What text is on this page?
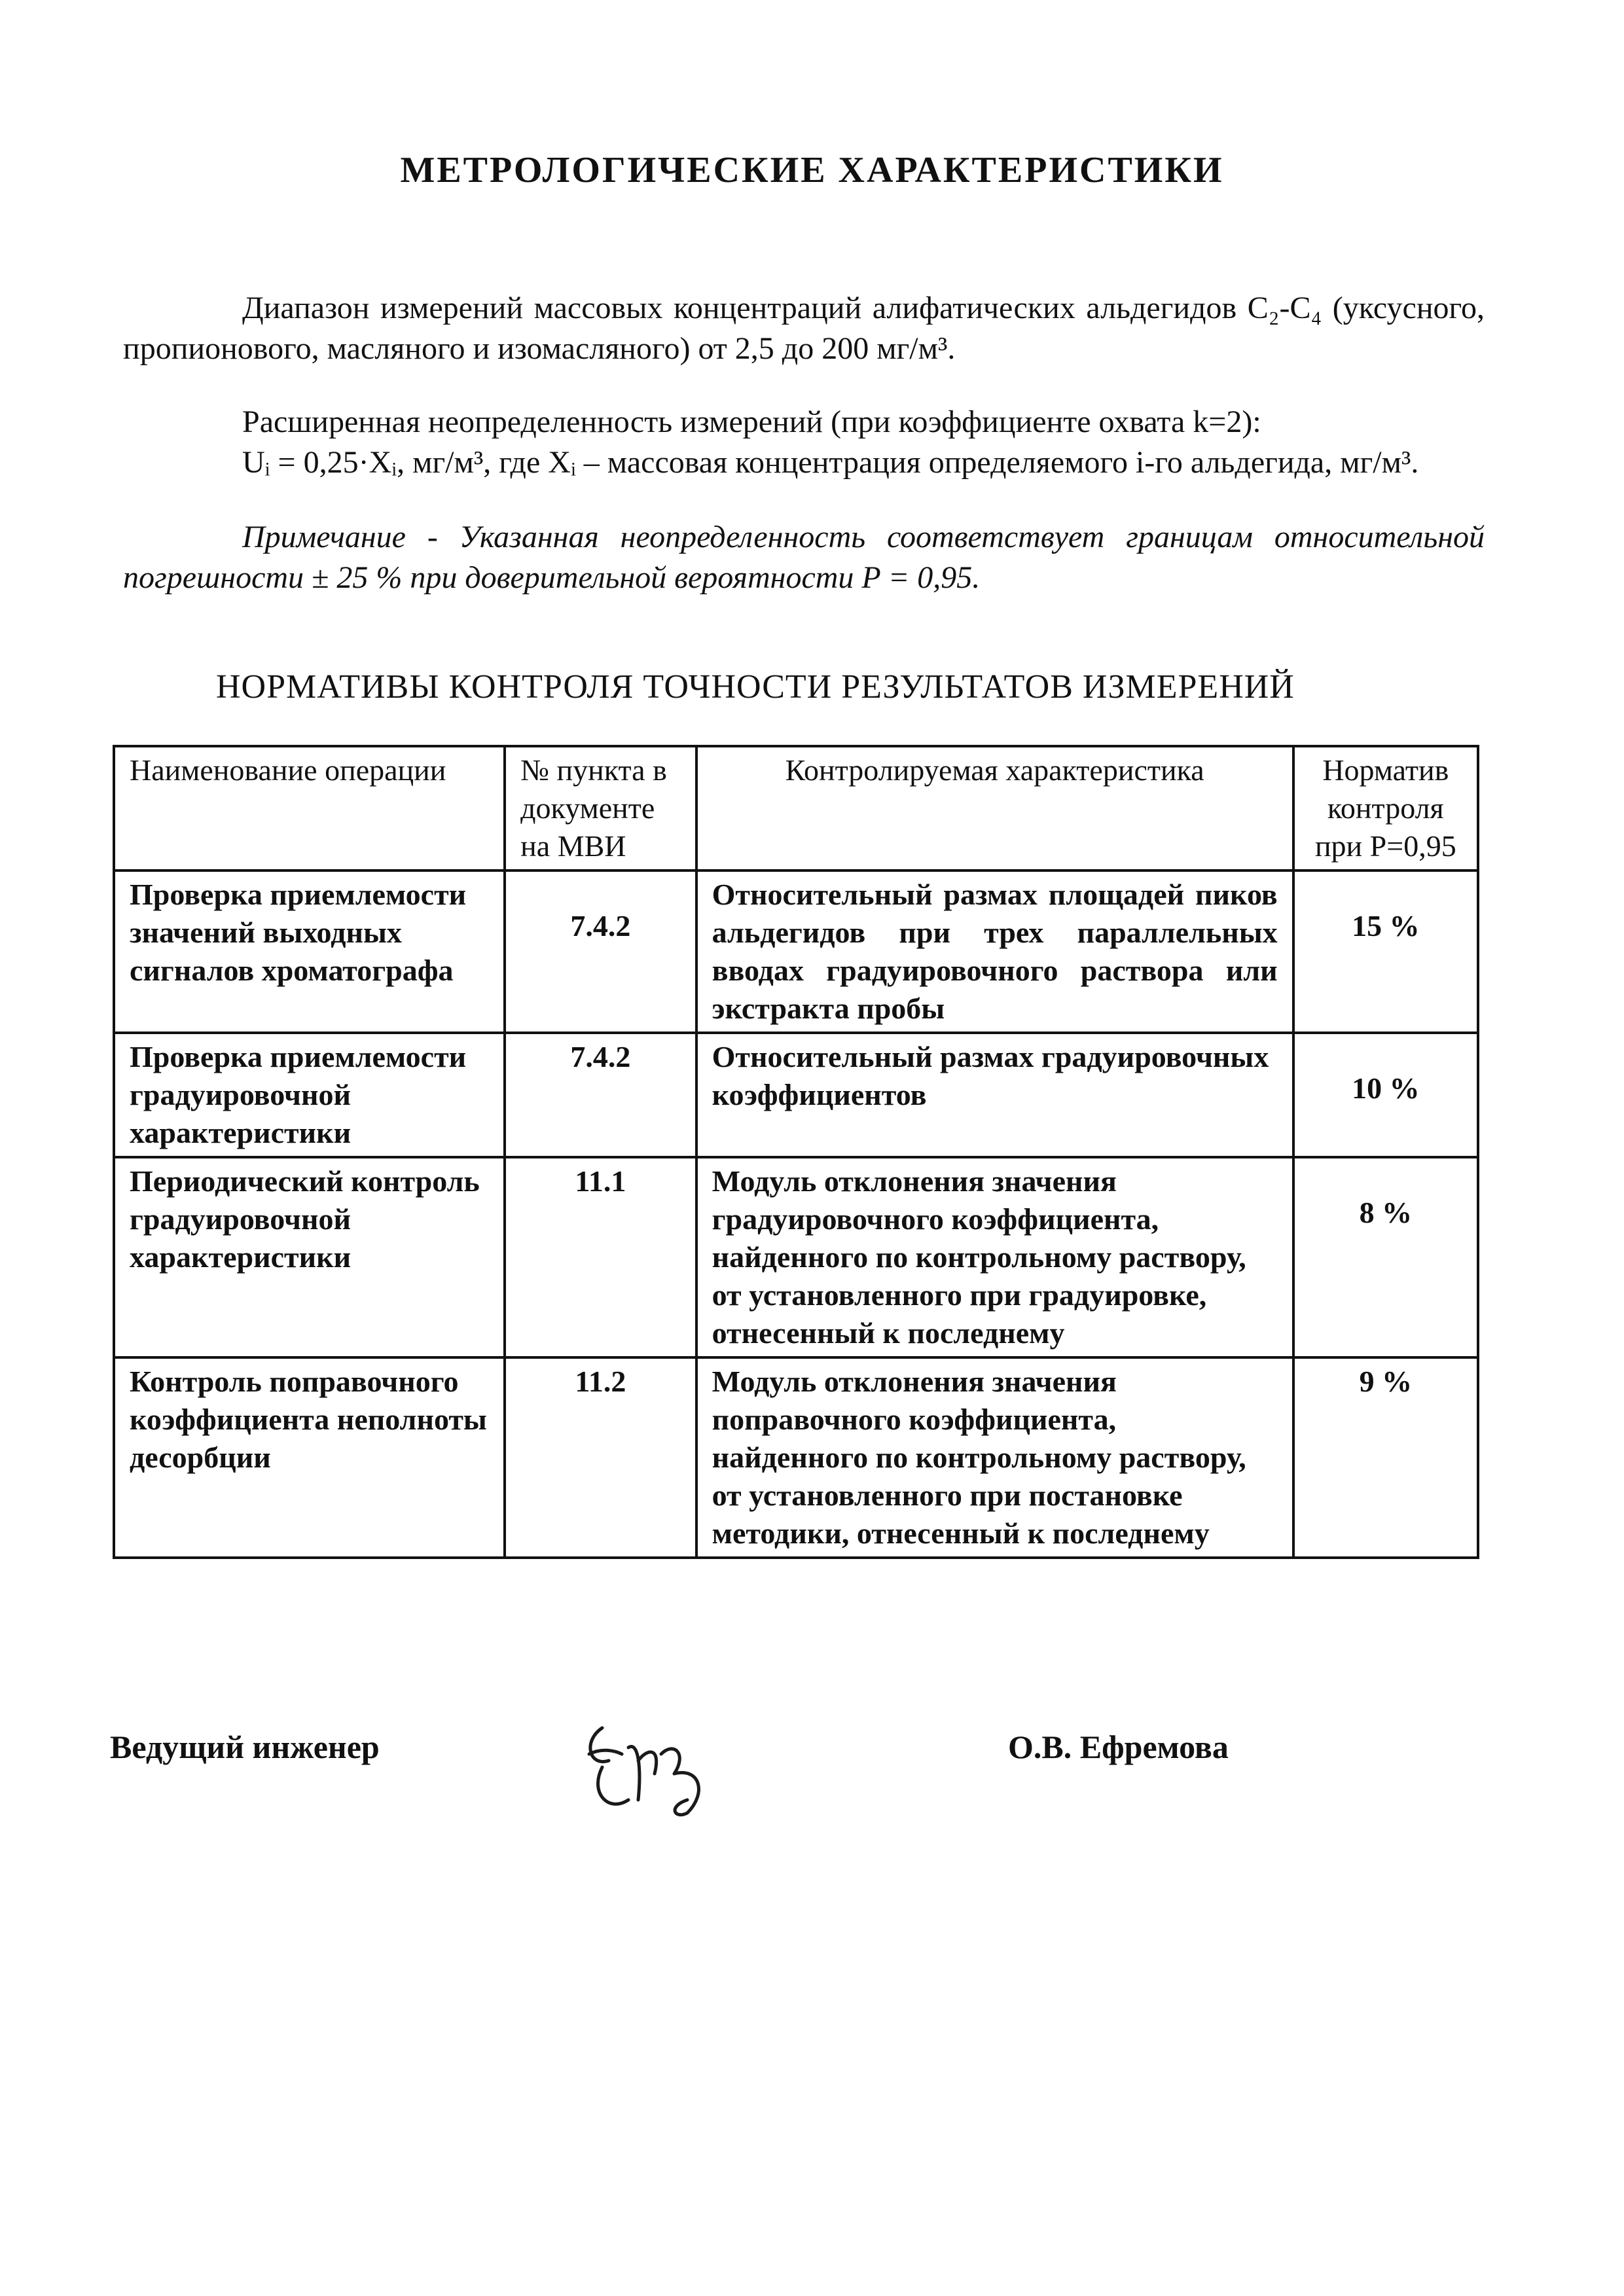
МЕТРОЛОГИЧЕСКИЕ ХАРАКТЕРИСТИКИ
Диапазон измерений массовых концентраций алифатических альдегидов С₂-С₄ (уксусного, пропионового, масляного и изомасляного) от 2,5 до 200 мг/м³.
Расширенная неопределенность измерений (при коэффициенте охвата k=2):
Uᵢ = 0,25·Xᵢ, мг/м³, где Xᵢ – массовая концентрация определяемого i-го альдегида, мг/м³.
Примечание - Указанная неопределенность соответствует границам относительной погрешности ± 25 % при доверительной вероятности P = 0,95.
НОРМАТИВЫ КОНТРОЛЯ ТОЧНОСТИ РЕЗУЛЬТАТОВ ИЗМЕРЕНИЙ
Наименование операции	№ пункта в документе на МВИ	Контролируемая характеристика	Норматив контроля при P=0,95
Проверка приемлемости значений выходных сигналов хроматографа	7.4.2	Относительный размах площадей пиков альдегидов при трех параллельных вводах градуировочного раствора или экстракта пробы	15 %
Проверка приемлемости градуировочной характеристики	7.4.2	Относительный размах градуировочных коэффициентов	10 %
Периодический контроль градуировочной характеристики	11.1	Модуль отклонения значения градуировочного коэффициента, найденного по контрольному раствору, от установленного при градуировке, отнесенный к последнему	8 %
Контроль поправочного коэффициента неполноты десорбции	11.2	Модуль отклонения значения поправочного коэффициента, найденного по контрольному раствору, от установленного при постановке методики, отнесенный к последнему	9 %
Ведущий инженер	О.В. Ефремова
